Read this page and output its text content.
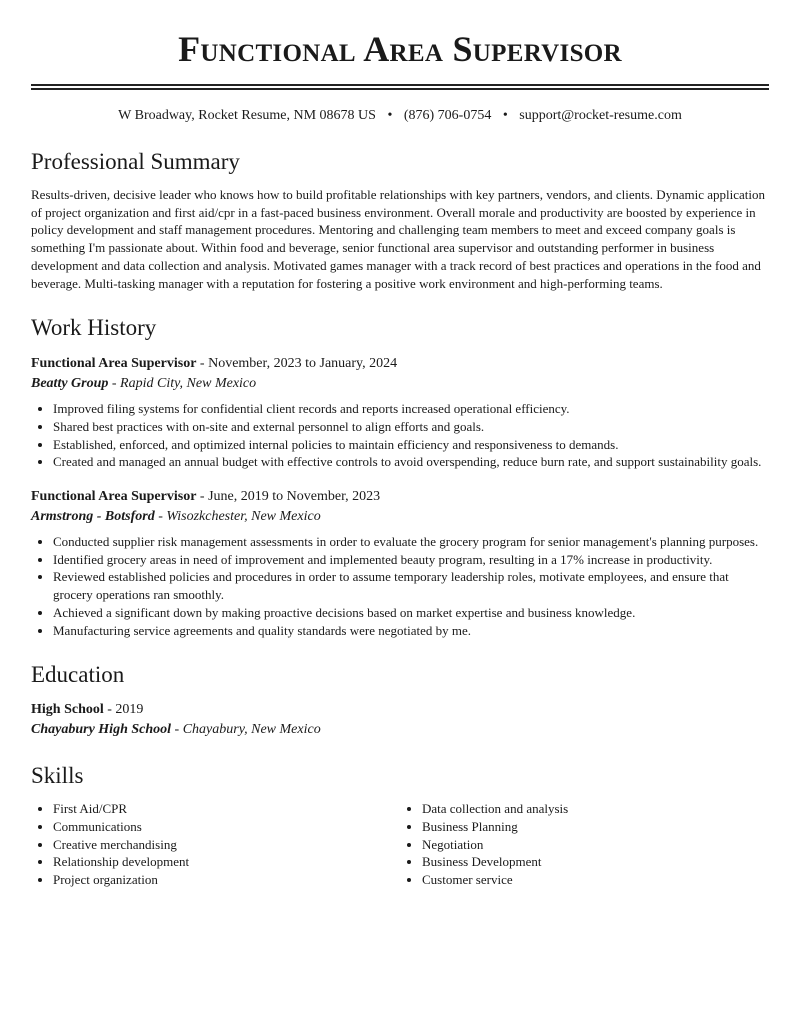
Functional Area Supervisor
W Broadway, Rocket Resume, NM 08678 US • (876) 706-0754 • support@rocket-resume.com
Professional Summary

Results-driven, decisive leader who knows how to build profitable relationships with key partners, vendors, and clients. Dynamic application of project organization and first aid/cpr in a fast-paced business environment. Overall morale and productivity are boosted by experience in policy development and staff management procedures. Mentoring and challenging team members to meet and exceed company goals is something I'm passionate about. Within food and beverage, senior functional area supervisor and outstanding performer in business development and data collection and analysis. Motivated games manager with a track record of best practices and operations in the food and beverage. Multi-tasking manager with a reputation for fostering a positive work environment and high-performing teams.

Work History
Functional Area Supervisor - November, 2023 to January, 2024
Beatty Group - Rapid City, New Mexico
• Improved filing systems for confidential client records and reports increased operational efficiency.
• Shared best practices with on-site and external personnel to align efforts and goals.
• Established, enforced, and optimized internal policies to maintain efficiency and responsiveness to demands.
• Created and managed an annual budget with effective controls to avoid overspending, reduce burn rate, and support sustainability goals.
Functional Area Supervisor - June, 2019 to November, 2023
Armstrong - Botsford - Wisozkchester, New Mexico
• Conducted supplier risk management assessments in order to evaluate the grocery program for senior management's planning purposes.
• Identified grocery areas in need of improvement and implemented beauty program, resulting in a 17% increase in productivity.
• Reviewed established policies and procedures in order to assume temporary leadership roles, motivate employees, and ensure that grocery operations ran smoothly.
• Achieved a significant down by making proactive decisions based on market expertise and business knowledge.
• Manufacturing service agreements and quality standards were negotiated by me.
Education
High School - 2019
Chayabury High School - Chayabury, New Mexico
Skills
• First Aid/CPR
• Communications
• Creative merchandising
• Relationship development
• Project organization
• Data collection and analysis
• Business Planning
• Negotiation
• Business Development
• Customer service
